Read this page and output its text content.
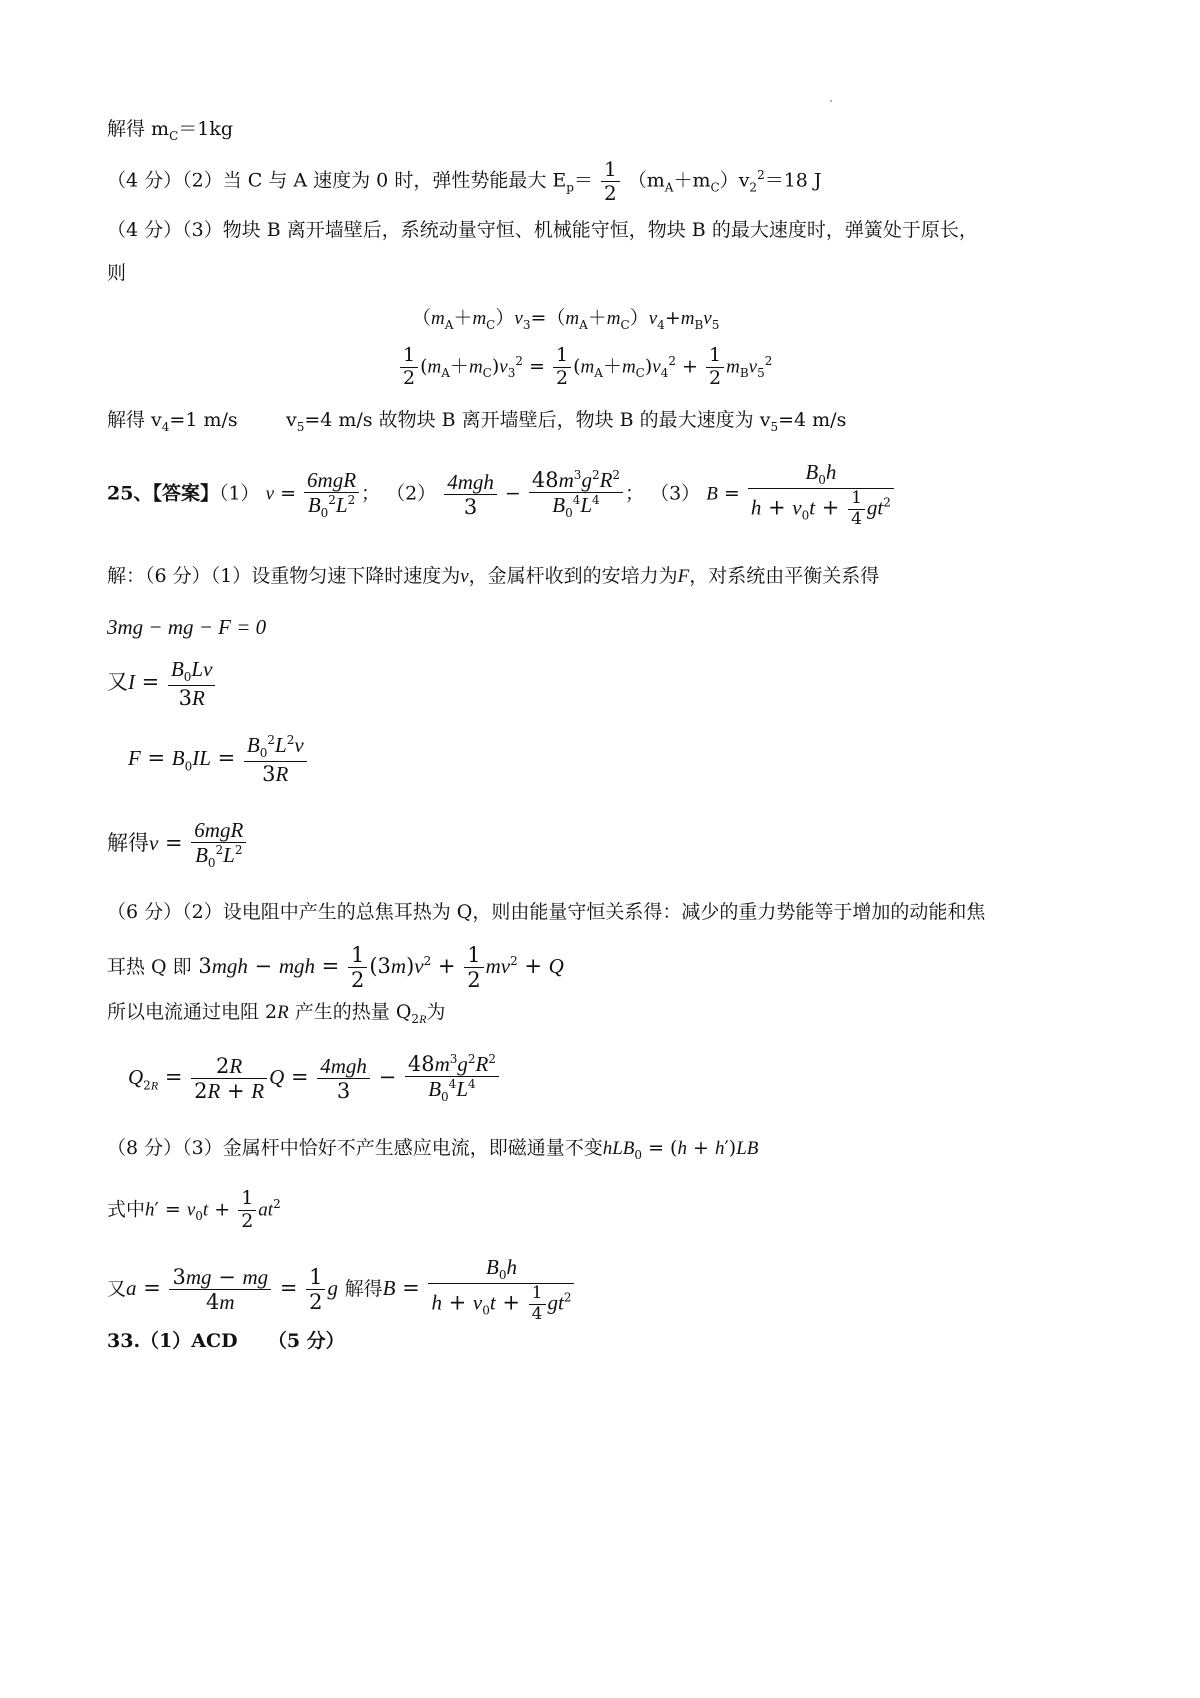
解得 $m_C=1kg$
（4 分）（2）当 C 与 A 速度为 0 时，弹性势能最大 $E_p= \frac{1}{2} (m_A+m_C)v_2^2=18$ J
（4 分）（3）物块 B 离开墙壁后，系统动量守恒、机械能守恒，物块 B 的最大速度时，弹簧处于原长，
则
$(m_A+m_C)v_3=(m_A+m_C)v_4+m_Bv_5$
$\frac{1}{2} (m_A+m_C)v_3^2 = \frac{1}{2} (m_A+m_C)v_4^2 + \frac{1}{2} m_Bv_5^2$
解得 $v_4=1$ m/s	$v_5=4$ m/s 故物块 B 离开墙壁后，物块 B 的最大速度为 $v_5=4$ m/s
25、【答案】（1） $v = \frac{\text{6mgR}}{B_0^2L^2}$ ； $(2) \frac{\text{4mgh}}{3} - \frac{48m^3g^2R^2}{B_0^4L^4}$ ； （3） $B = \frac{B_0h}{h + v_0t + \frac{1}{4} gt^2}$
解：（6 分）（1）设重物匀速下降时速度为v，金属杆收到的安培力为F，对系统由平衡关系得
3mg − mg − F = 0
又$I = \frac{B_0Lv}{3R}$
$F = B_0IL = \frac{B_0^2L^2v}{3R}$
解得$v = \frac{\text{6mgR}}{B_0^2L^2}$
（6 分）（2）设电阻中产生的总焦耳热为 Q，则由能量守恒关系得：减少的重力势能等于增加的动能和焦
耳热 Q 即 3mgh − mgh = $\frac{1}{2} (3m)v^2 + \frac{1}{2} mv^2 + Q$
所以电流通过电阻 2R 产生的热量 $Q_{2R}$为
$Q_{2R} = \frac{2R}{2R + R}$ $Q = \frac{\text{4mgh}}{3} - \frac{48m^3g^2R^2}{B_0^4L^4}$
（8 分）（3）金属杆中恰好不产生感应电流，即磁通量不变hLB$_0$ = (h + h′)LB
式中$h' = v_0t + \frac{1}{2} at^2$
又$a = \frac{3mg - mg}{4m} = \frac{1}{2}$ g 解得$B = \frac{B_0h}{h + v_0t + \frac{1}{4} gt^2}$
33.（1）ACD （5 分）
